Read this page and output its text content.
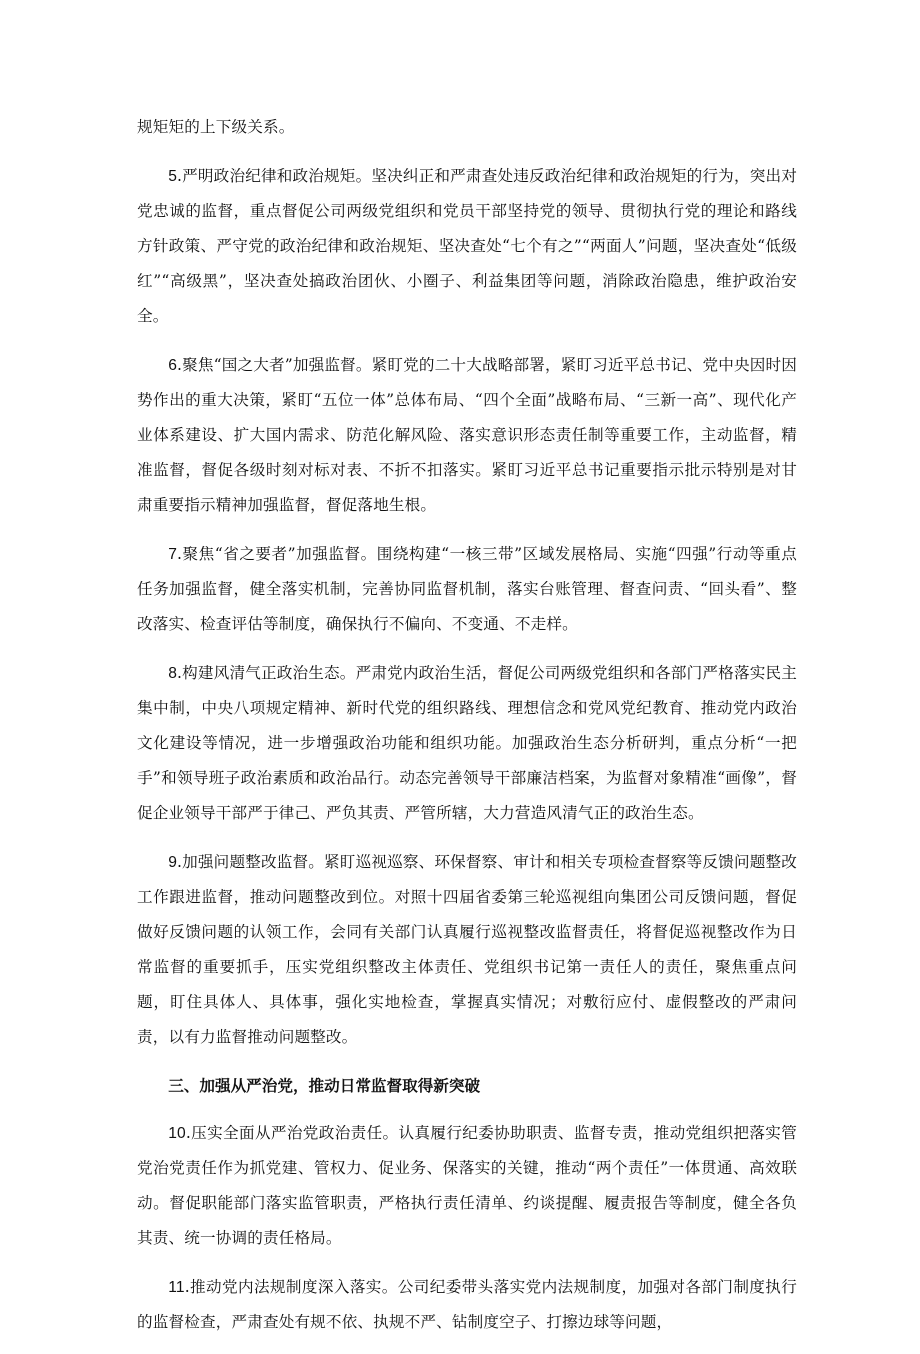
规矩矩的上下级关系。

5.严明政治纪律和政治规矩。坚决纠正和严肃查处违反政治纪律和政治规矩的行为，突出对党忠诚的监督，重点督促公司两级党组织和党员干部坚持党的领导、贯彻执行党的理论和路线方针政策、严守党的政治纪律和政治规矩、坚决查处“七个有之”“两面人”问题，坚决查处“低级红”“高级黑”，坚决查处搞政治团伙、小圈子、利益集团等问题，消除政治隐患，维护政治安全。

6.聚焦“国之大者”加强监督。紧盯党的二十大战略部署，紧盯习近平总书记、党中央因时因势作出的重大决策，紧盯“五位一体”总体布局、“四个全面”战略布局、“三新一高”、现代化产业体系建设、扩大国内需求、防范化解风险、落实意识形态责任制等重要工作，主动监督，精准监督，督促各级时刻对标对表、不折不扣落实。紧盯习近平总书记重要指示批示特别是对甘肃重要指示精神加强监督，督促落地生根。

7.聚焦“省之要者”加强监督。围绕构建“一核三带”区域发展格局、实施“四强”行动等重点任务加强监督，健全落实机制，完善协同监督机制，落实台账管理、督查问责、“回头看”、整改落实、检查评估等制度，确保执行不偏向、不变通、不走样。

8.构建风清气正政治生态。严肃党内政治生活，督促公司两级党组织和各部门严格落实民主集中制，中央八项规定精神、新时代党的组织路线、理想信念和党风党纪教育、推动党内政治文化建设等情况，进一步增强政治功能和组织功能。加强政治生态分析研判，重点分析“一把手”和领导班子政治素质和政治品行。动态完善领导干部廉洁档案，为监督对象精准“画像”，督促企业领导干部严于律己、严负其责、严管所辖，大力营造风清气正的政治生态。

9.加强问题整改监督。紧盯巡视巡察、环保督察、审计和相关专项检查督察等反馈问题整改工作跟进监督，推动问题整改到位。对照十四届省委第三轮巡视组向集团公司反馈问题，督促做好反馈问题的认领工作，会同有关部门认真履行巡视整改监督责任，将督促巡视整改作为日常监督的重要抓手，压实党组织整改主体责任、党组织书记第一责任人的责任，聚焦重点问题，盯住具体人、具体事，强化实地检查，掌握真实情况；对敷衍应付、虚假整改的严肃问责，以有力监督推动问题整改。

三、加强从严治党，推动日常监督取得新突破

10.压实全面从严治党政治责任。认真履行纪委协助职责、监督专责，推动党组织把落实管党治党责任作为抓党建、管权力、促业务、保落实的关键，推动“两个责任”一体贯通、高效联动。督促职能部门落实监管职责，严格执行责任清单、约谈提醒、履责报告等制度，健全各负其责、统一协调的责任格局。

11.推动党内法规制度深入落实。公司纪委带头落实党内法规制度，加强对各部门制度执行的监督检查，严肃查处有规不依、执规不严、钻制度空子、打擦边球等问题，
